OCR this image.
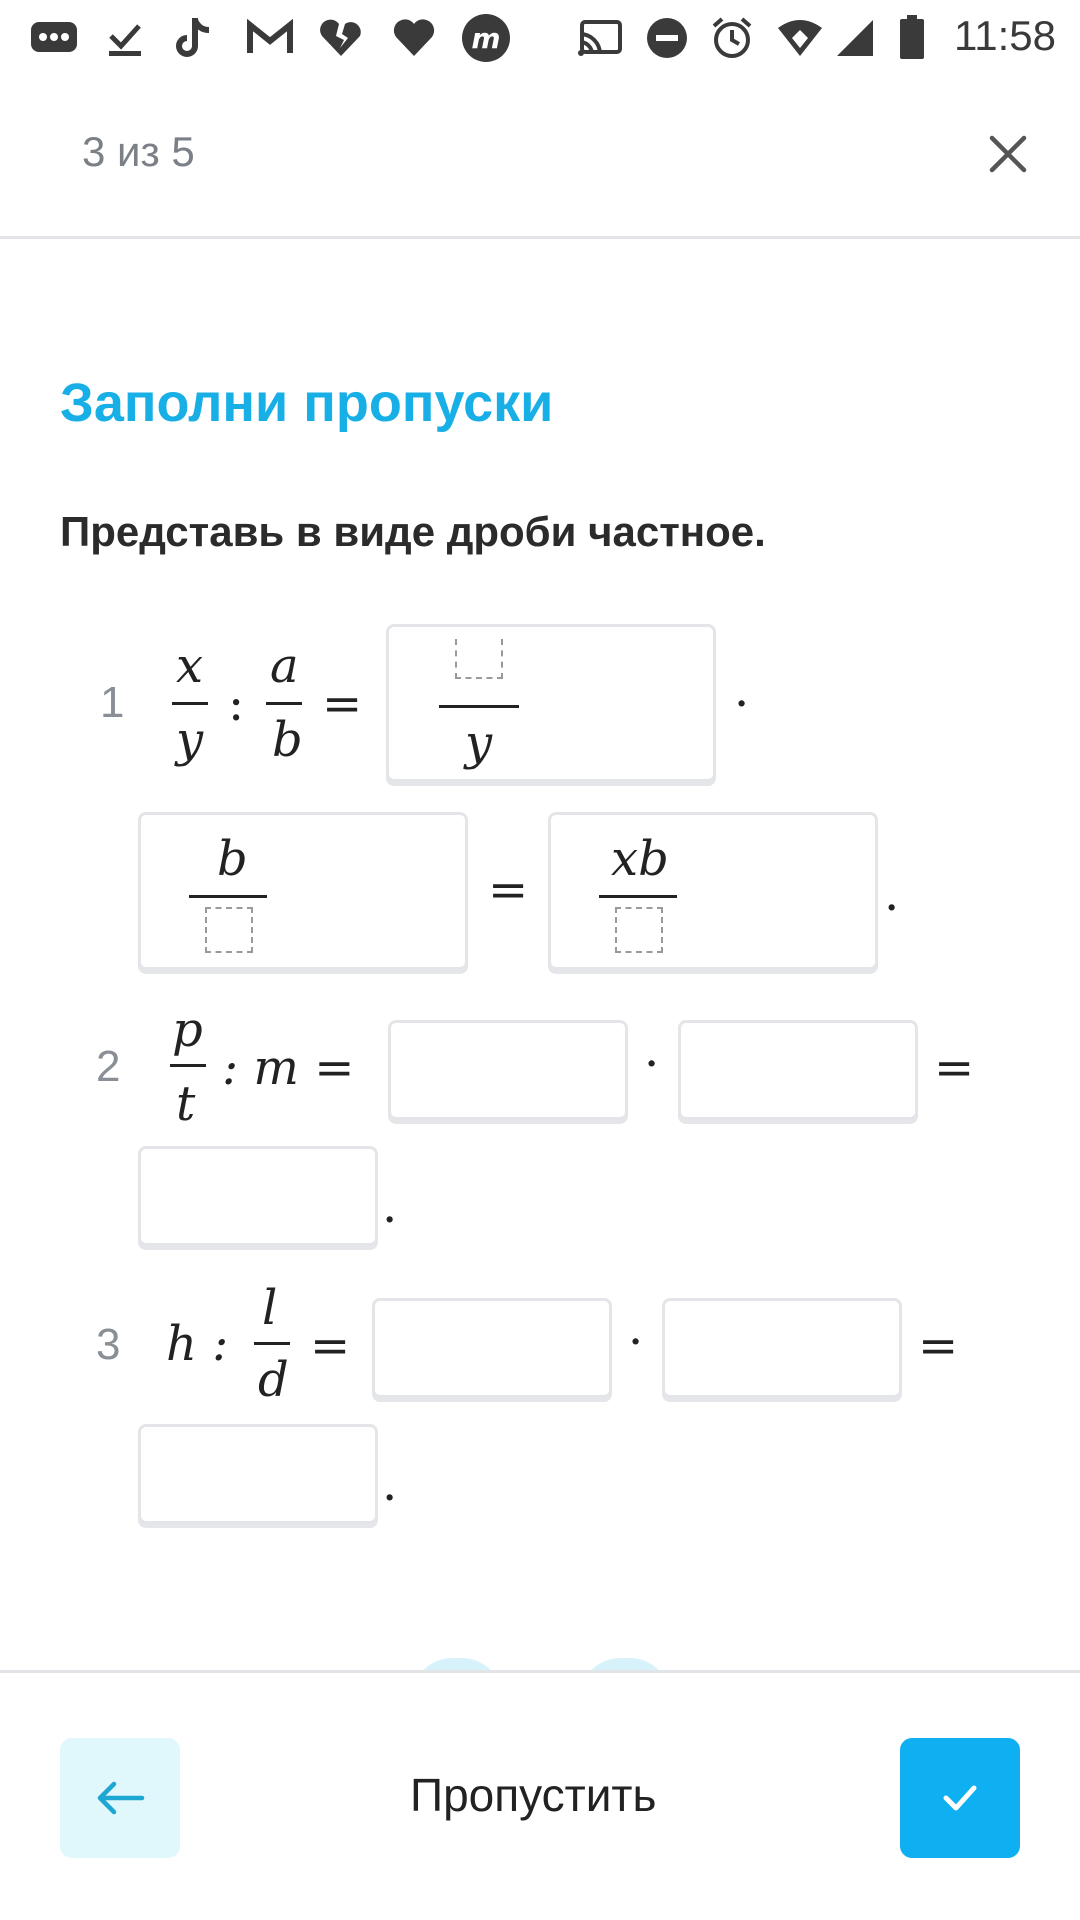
m	11:58
3 из 5
Заполни пропуски
Представь в виде дроби частное.
1
x
y
:
a
b
=
y
·
b
=
xb
.
2
p
t
: m =	·	=
.
3 h :
l
d
=	·	=
.
Пропустить
